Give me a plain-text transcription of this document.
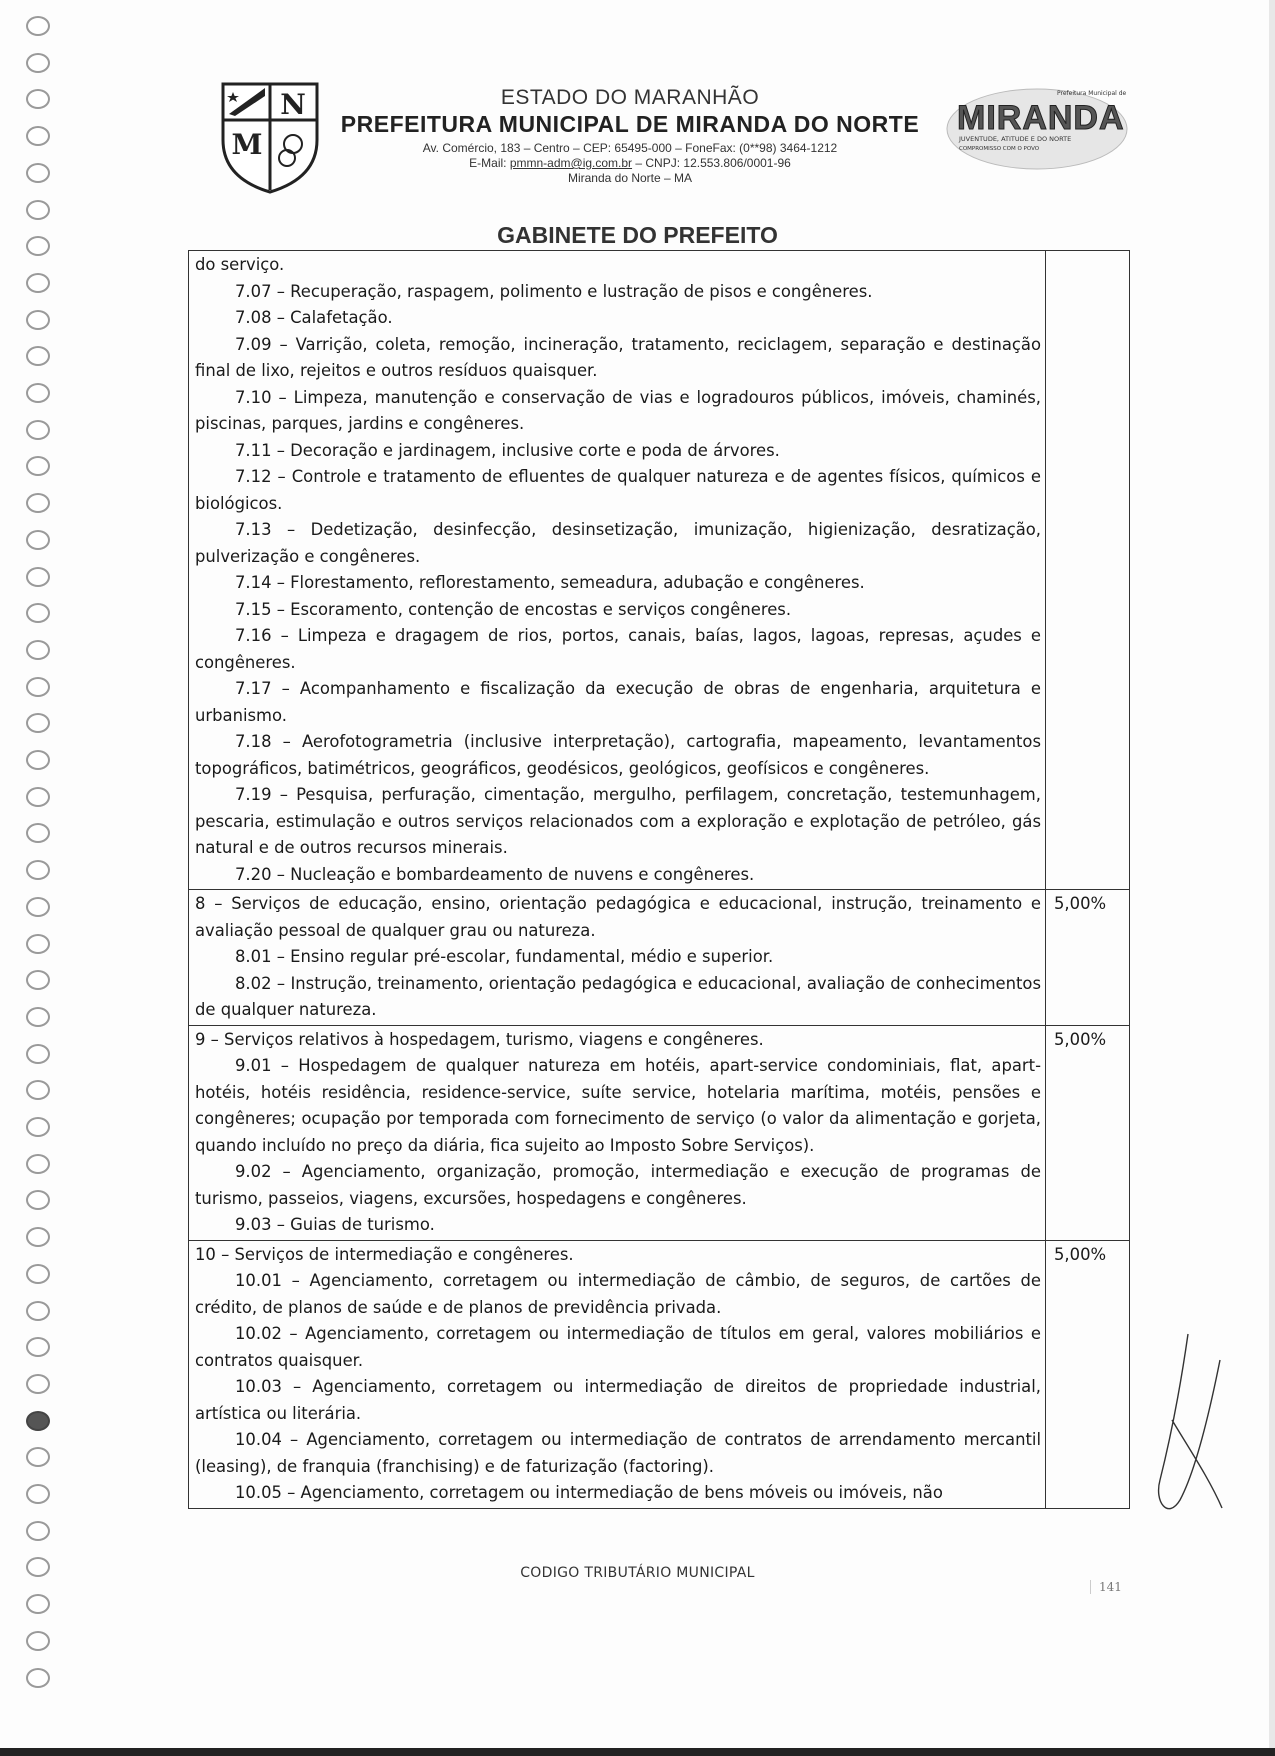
N
M
ESTADO DO MARANHÃO
PREFEITURA MUNICIPAL DE MIRANDA DO NORTE
Av. Comércio, 183 – Centro – CEP: 65495-000 – FoneFax: (0**98) 3464-1212
E-Mail: pmmn-adm@ig.com.br – CNPJ: 12.553.806/0001-96
Miranda do Norte – MA
Prefeitura Municipal de
MIRANDA
JUVENTUDE, ATITUDE E DO NORTE
COMPROMISSO COM O POVO
GABINETE DO PREFEITO

do serviço.

7.07 – Recuperação, raspagem, polimento e lustração de pisos e congêneres.

7.08 – Calafetação.

7.09 – Varrição, coleta, remoção, incineração, tratamento, reciclagem, separação e destinação final de lixo, rejeitos e outros resíduos quaisquer.

7.10 – Limpeza, manutenção e conservação de vias e logradouros públicos, imóveis, chaminés, piscinas, parques, jardins e congêneres.

7.11 – Decoração e jardinagem, inclusive corte e poda de árvores.

7.12 – Controle e tratamento de efluentes de qualquer natureza e de agentes físicos, químicos e biológicos.

7.13 – Dedetização, desinfecção, desinsetização, imunização, higienização, desratização, pulverização e congêneres.

7.14 – Florestamento, reflorestamento, semeadura, adubação e congêneres.

7.15 – Escoramento, contenção de encostas e serviços congêneres.

7.16 – Limpeza e dragagem de rios, portos, canais, baías, lagos, lagoas, represas, açudes e congêneres.

7.17 – Acompanhamento e fiscalização da execução de obras de engenharia, arquitetura e urbanismo.

7.18 – Aerofotogrametria (inclusive interpretação), cartografia, mapeamento, levantamentos topográficos, batimétricos, geográficos, geodésicos, geológicos, geofísicos e congêneres.

7.19 – Pesquisa, perfuração, cimentação, mergulho, perfilagem, concretação, testemunhagem, pescaria, estimulação e outros serviços relacionados com a exploração e explotação de petróleo, gás natural e de outros recursos minerais.

7.20 – Nucleação e bombardeamento de nuvens e congêneres.

8 – Serviços de educação, ensino, orientação pedagógica e educacional, instrução, treinamento e avaliação pessoal de qualquer grau ou natureza.

8.01 – Ensino regular pré-escolar, fundamental, médio e superior.

8.02 – Instrução, treinamento, orientação pedagógica e educacional, avaliação de conhecimentos de qualquer natureza.

5,00%

9 – Serviços relativos à hospedagem, turismo, viagens e congêneres.

9.01 – Hospedagem de qualquer natureza em hotéis, apart-service condominiais, flat, apart-hotéis, hotéis residência, residence-service, suíte service, hotelaria marítima, motéis, pensões e congêneres; ocupação por temporada com fornecimento de serviço (o valor da alimentação e gorjeta, quando incluído no preço da diária, fica sujeito ao Imposto Sobre Serviços).

9.02 – Agenciamento, organização, promoção, intermediação e execução de programas de turismo, passeios, viagens, excursões, hospedagens e congêneres.

9.03 – Guias de turismo.

5,00%

10 – Serviços de intermediação e congêneres.

10.01 – Agenciamento, corretagem ou intermediação de câmbio, de seguros, de cartões de crédito, de planos de saúde e de planos de previdência privada.

10.02 – Agenciamento, corretagem ou intermediação de títulos em geral, valores mobiliários e contratos quaisquer.

10.03 – Agenciamento, corretagem ou intermediação de direitos de propriedade industrial, artística ou literária.

10.04 – Agenciamento, corretagem ou intermediação de contratos de arrendamento mercantil (leasing), de franquia (franchising) e de faturização (factoring).

10.05 – Agenciamento, corretagem ou intermediação de bens móveis ou imóveis, não

5,00%
CODIGO TRIBUTÁRIO MUNICIPAL
141
